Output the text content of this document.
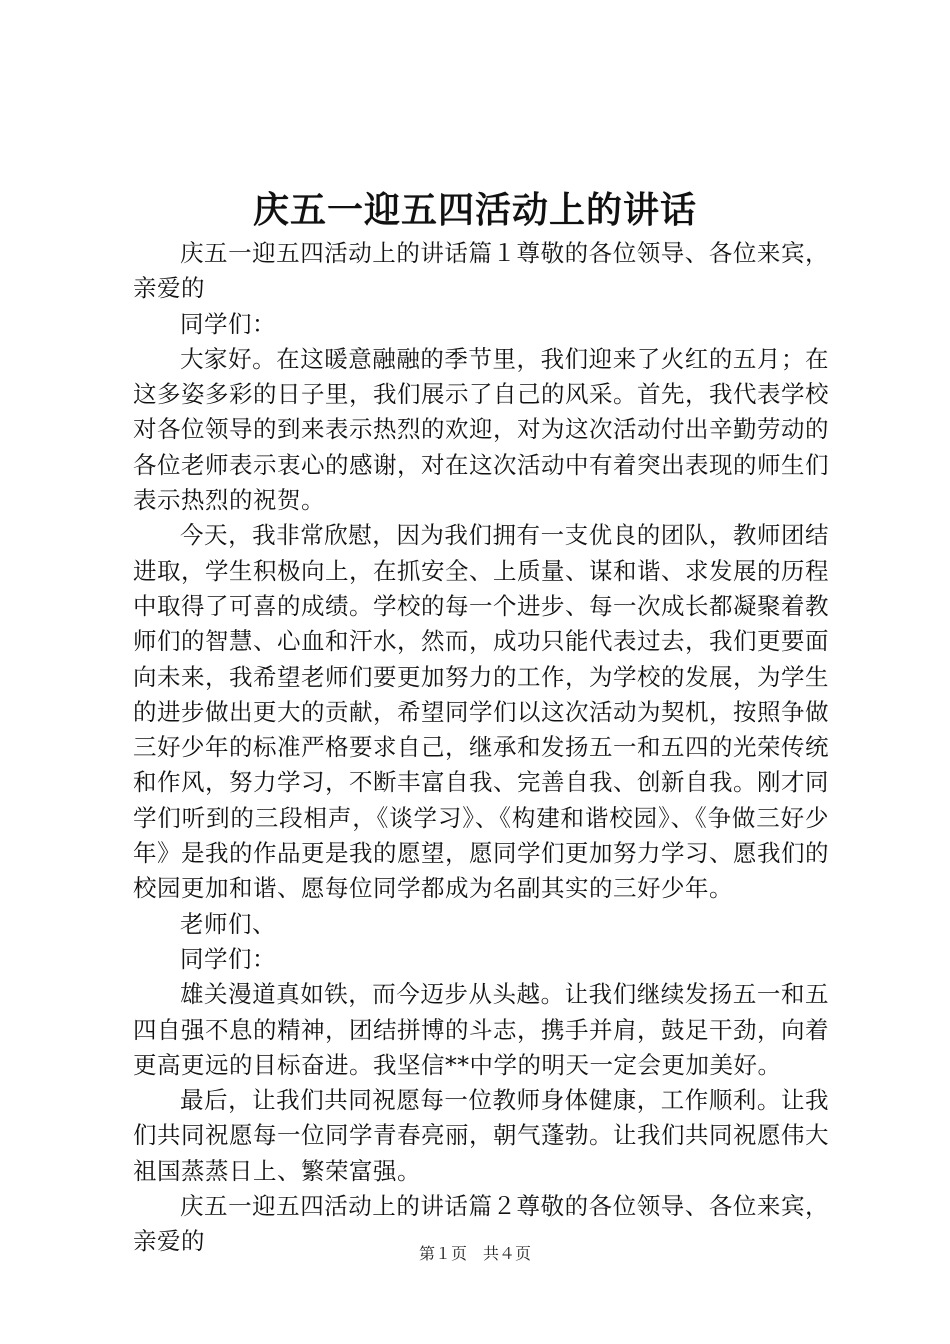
庆五一迎五四活动上的讲话

庆五一迎五四活动上的讲话篇１尊敬的各位领导、各位来宾，亲爱的

同学们：

大家好。在这暖意融融的季节里，我们迎来了火红的五月；在这多姿多彩的日子里，我们展示了自己的风采。首先，我代表学校对各位领导的到来表示热烈的欢迎，对为这次活动付出辛勤劳动的各位老师表示衷心的感谢，对在这次活动中有着突出表现的师生们表示热烈的祝贺。

今天，我非常欣慰，因为我们拥有一支优良的团队，教师团结进取，学生积极向上，在抓安全、上质量、谋和谐、求发展的历程中取得了可喜的成绩。学校的每一个进步、每一次成长都凝聚着教师们的智慧、心血和汗水，然而，成功只能代表过去，我们更要面向未来，我希望老师们要更加努力的工作，为学校的发展，为学生的进步做出更大的贡献，希望同学们以这次活动为契机，按照争做三好少年的标准严格要求自己，继承和发扬五一和五四的光荣传统和作风，努力学习，不断丰富自我、完善自我、创新自我。刚才同学们听到的三段相声，《谈学习》、《构建和谐校园》、《争做三好少年》是我的作品更是我的愿望，愿同学们更加努力学习、愿我们的校园更加和谐、愿每位同学都成为名副其实的三好少年。

老师们、

同学们：

雄关漫道真如铁，而今迈步从头越。让我们继续发扬五一和五四自强不息的精神，团结拼博的斗志，携手并肩，鼓足干劲，向着更高更远的目标奋进。我坚信**中学的明天一定会更加美好。

最后，让我们共同祝愿每一位教师身体健康，工作顺利。让我们共同祝愿每一位同学青春亮丽，朝气蓬勃。让我们共同祝愿伟大祖国蒸蒸日上、繁荣富强。

庆五一迎五四活动上的讲话篇２尊敬的各位领导、各位来宾，亲爱的	第１页　共４页
